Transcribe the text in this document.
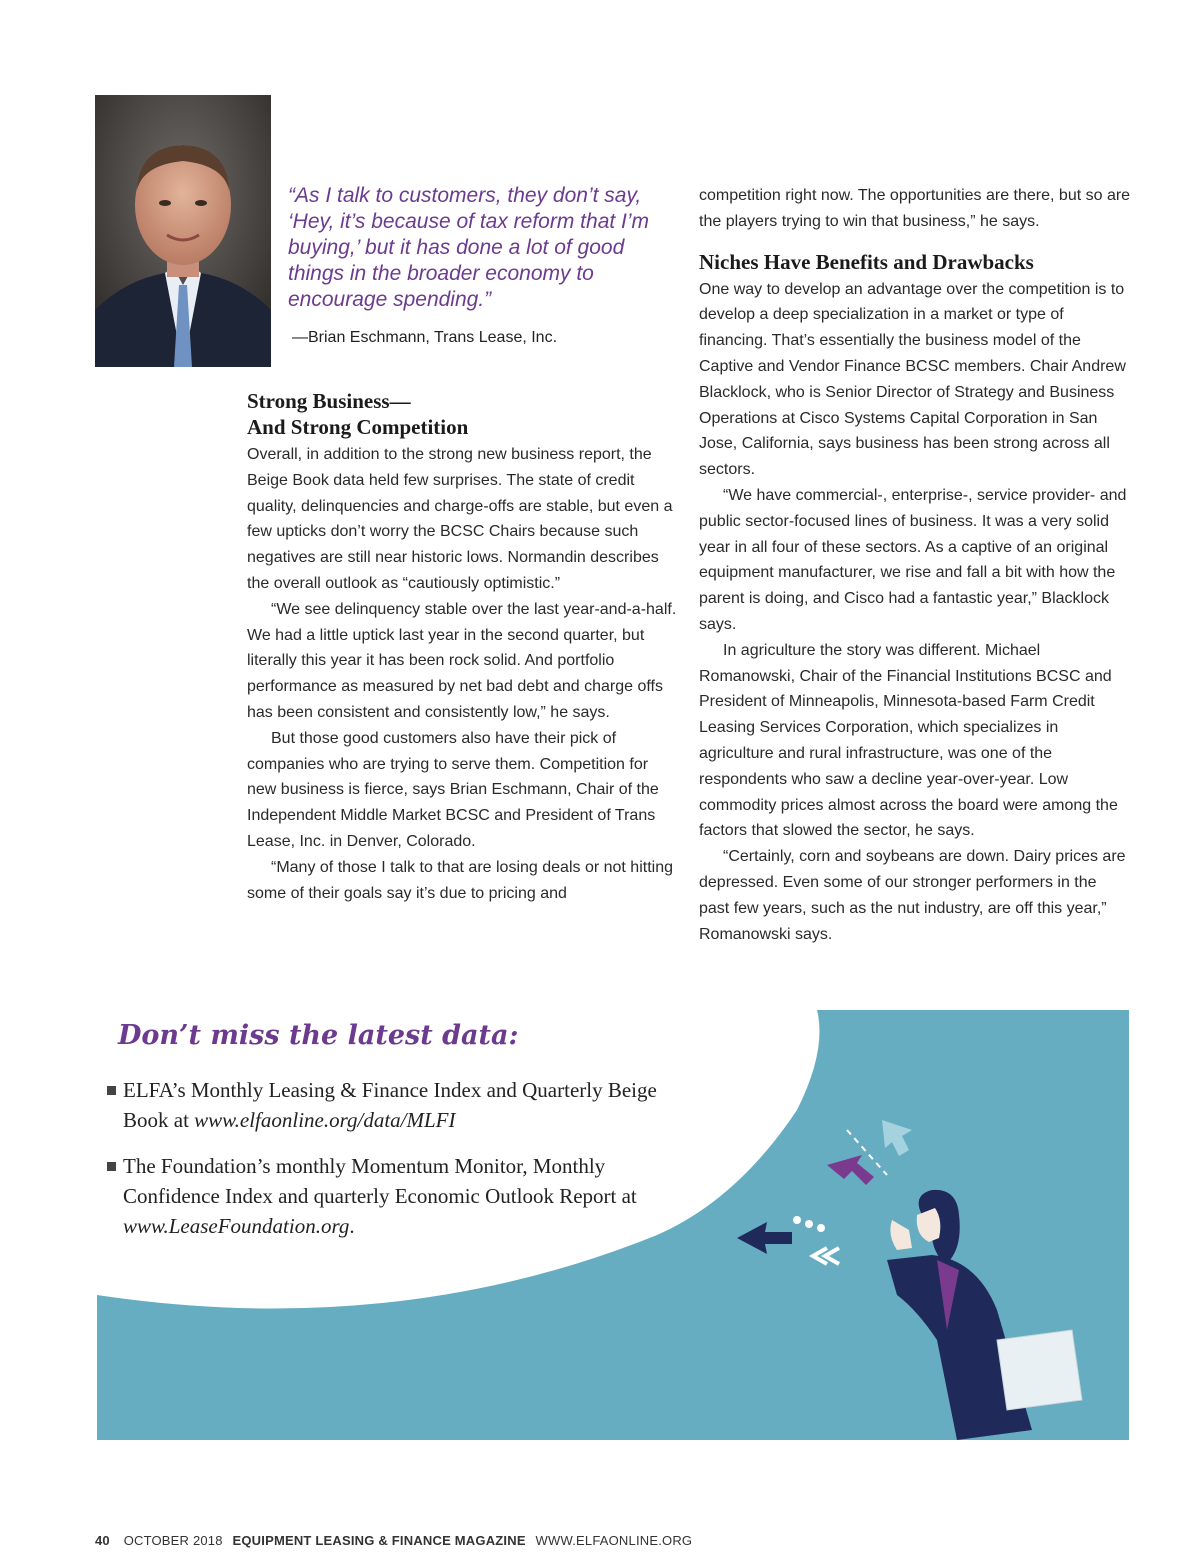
“As I talk to customers, they don’t say, ‘Hey, it’s because of tax reform that I’m buying,’ but it has done a lot of good things in the broader economy to encourage spending.”

—Brian Eschmann, Trans Lease, Inc.
Strong Business—
And Strong Competition

Overall, in addition to the strong new business report, the Beige Book data held few surprises. The state of credit quality, delinquencies and charge-offs are stable, but even a few upticks don’t worry the BCSC Chairs because such negatives are still near historic lows. Normandin describes the overall outlook as “cautiously optimistic.”

“We see delinquency stable over the last year-and-a-half. We had a little uptick last year in the second quarter, but literally this year it has been rock solid. And portfolio performance as measured by net bad debt and charge offs has been consistent and consistently low,” he says.

But those good customers also have their pick of companies who are trying to serve them. Competition for new business is fierce, says Brian Eschmann, Chair of the Independent Middle Market BCSC and President of Trans Lease, Inc. in Denver, Colorado.

“Many of those I talk to that are losing deals or not hitting some of their goals say it’s due to pricing and

competition right now. The opportunities are there, but so are the players trying to win that business,” he says.

Niches Have Benefits and Drawbacks

One way to develop an advantage over the competition is to develop a deep specialization in a market or type of financing. That’s essentially the business model of the Captive and Vendor Finance BCSC members. Chair Andrew Blacklock, who is Senior Director of Strategy and Business Operations at Cisco Systems Capital Corporation in San Jose, California, says business has been strong across all sectors.

“We have commercial-, enterprise-, service provider- and public sector-focused lines of business. It was a very solid year in all four of these sectors. As a captive of an original equipment manufacturer, we rise and fall a bit with how the parent is doing, and Cisco had a fantastic year,” Blacklock says.

In agriculture the story was different. Michael Romanowski, Chair of the Financial Institutions BCSC and President of Minneapolis, Minnesota-based Farm Credit Leasing Services Corporation, which specializes in agriculture and rural infrastructure, was one of the respondents who saw a decline year-over-year. Low commodity prices almost across the board were among the factors that slowed the sector, he says.

“Certainly, corn and soybeans are down. Dairy prices are depressed. Even some of our stronger performers in the past few years, such as the nut industry, are off this year,” Romanowski says.

Don’t miss the latest data:
ELFA’s Monthly Leasing & Finance Index and Quarterly Beige Book at www.elfaonline.org/data/MLFI
The Foundation’s monthly Momentum Monitor, Monthly Confidence Index and quarterly Economic Outlook Report at www.LeaseFoundation.org.
40 OCTOBER 2018 EQUIPMENT LEASING & FINANCE MAGAZINE WWW.ELFAONLINE.ORG
